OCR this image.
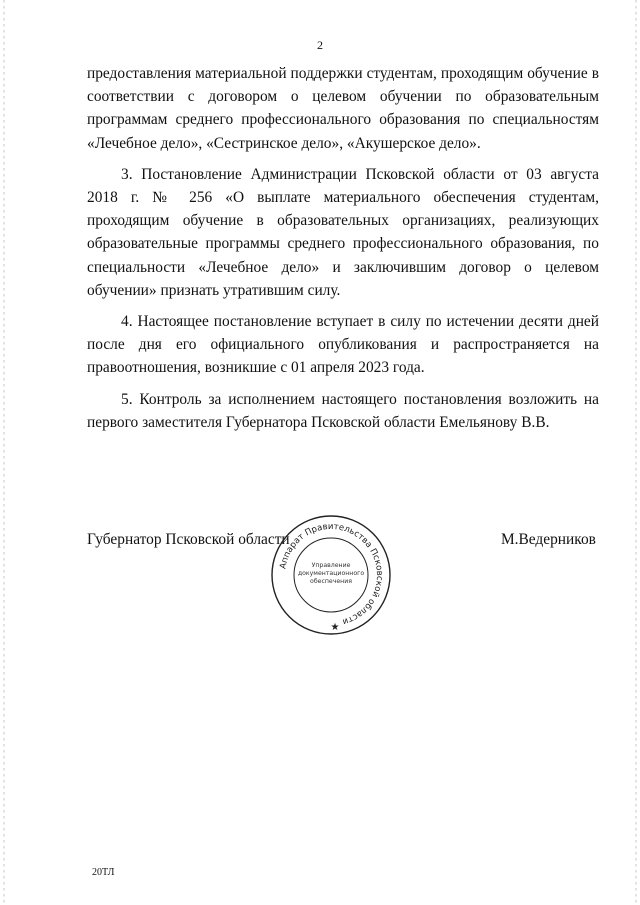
2

предоставления материальной поддержки студентам, проходящим обучение в соответствии с договором о целевом обучении по образовательным программам среднего профессионального образования по специальностям «Лечебное дело», «Сестринское дело», «Акушерское дело».

3. Постановление Администрации Псковской области от 03 августа 2018 г. № 256 «О выплате материального обеспечения студентам, проходящим обучение в образовательных организациях, реализующих образовательные программы среднего профессионального образования, по специальности «Лечебное дело» и заключившим договор о целевом обучении» признать утратившим силу.

4. Настоящее постановление вступает в силу по истечении десяти дней после дня его официального опубликования и распространяется на правоотношения, возникшие с 01 апреля 2023 года.

5. Контроль за исполнением настоящего постановления возложить на первого заместителя Губернатора Псковской области Емельянову В.В.

Губернатор Псковской области	М.Ведерников
Аппарат Правительства Псковской области
Управление
документационного
обеспечения
★
20ТЛ
